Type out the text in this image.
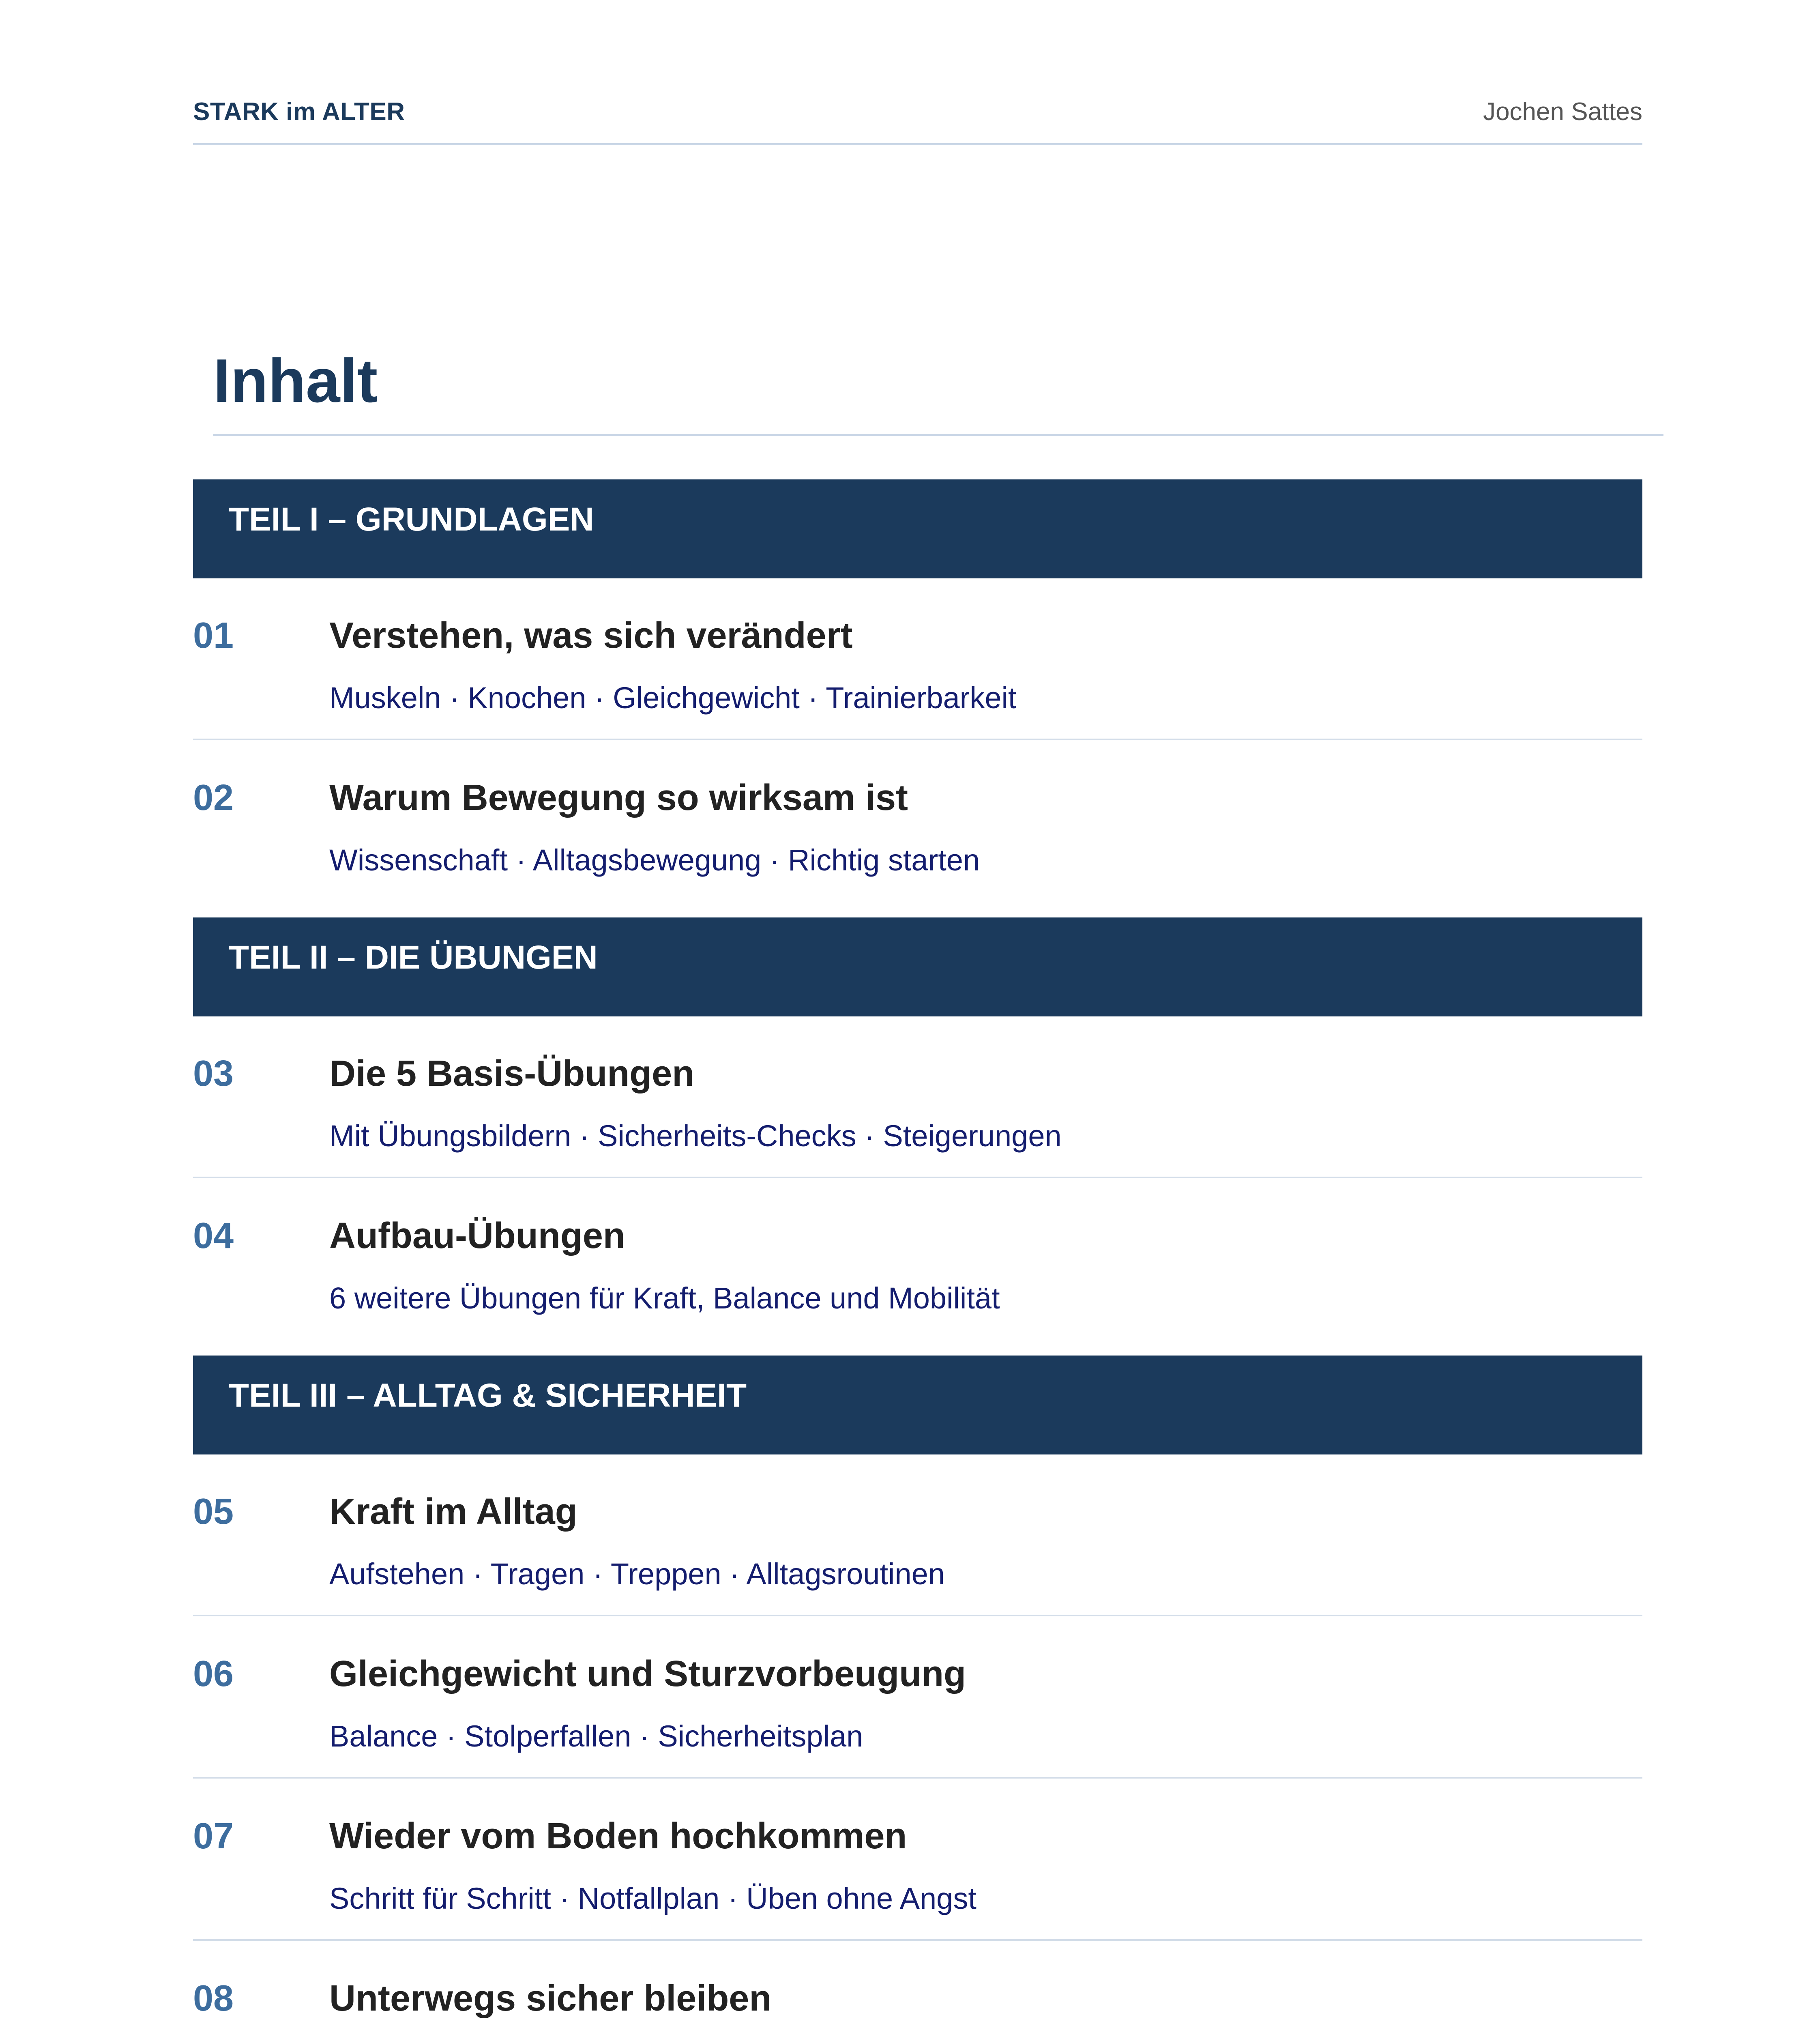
STARK im ALTER	Jochen Sattes
Inhalt
TEIL I – GRUNDLAGEN
01	Verstehen, was sich verändert
Muskeln · Knochen · Gleichgewicht · Trainierbarkeit
02	Warum Bewegung so wirksam ist
Wissenschaft · Alltagsbewegung · Richtig starten
TEIL II – DIE ÜBUNGEN
03	Die 5 Basis-Übungen
Mit Übungsbildern · Sicherheits-Checks · Steigerungen
04	Aufbau-Übungen
6 weitere Übungen für Kraft, Balance und Mobilität
TEIL III – ALLTAG & SICHERHEIT
05	Kraft im Alltag
Aufstehen · Tragen · Treppen · Alltagsroutinen
06	Gleichgewicht und Sturzvorbeugung
Balance · Stolperfallen · Sicherheitsplan
07	Wieder vom Boden hochkommen
Schritt für Schritt · Notfallplan · Üben ohne Angst
08	Unterwegs sicher bleiben
